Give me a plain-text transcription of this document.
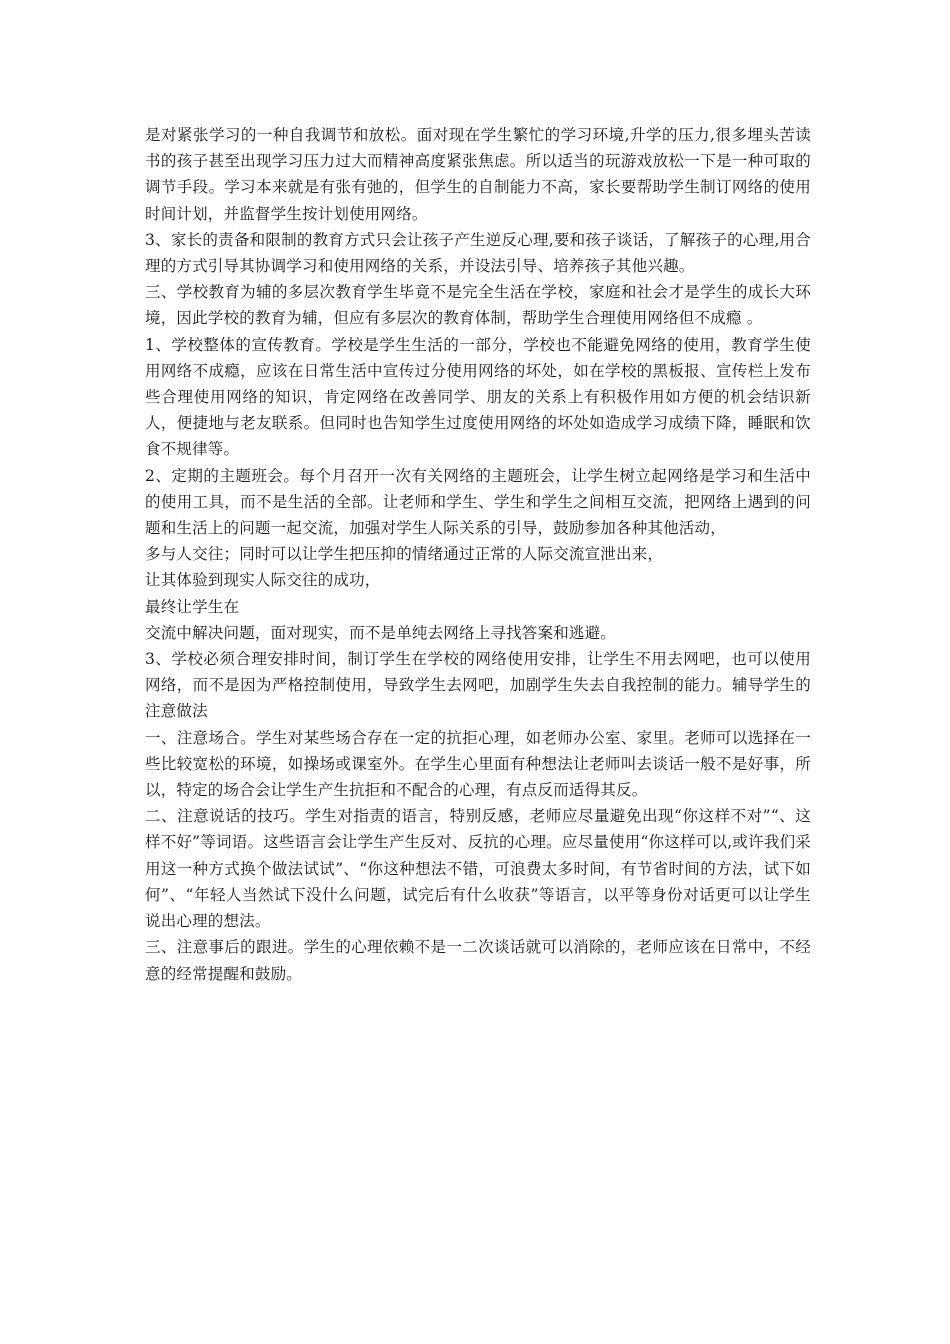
是对紧张学习的一种自我调节和放松。面对现在学生繁忙的学习环境,升学的压力,很多埋头苦读书的孩子甚至出现学习压力过大而精神高度紧张焦虑。所以适当的玩游戏放松一下是一种可取的调节手段。学习本来就是有张有弛的，但学生的自制能力不高，家长要帮助学生制订网络的使用时间计划，并监督学生按计划使用网络。

3、家长的责备和限制的教育方式只会让孩子产生逆反心理,要和孩子谈话，了解孩子的心理,用合理的方式引导其协调学习和使用网络的关系，并设法引导、培养孩子其他兴趣。

三、学校教育为辅的多层次教育学生毕竟不是完全生活在学校，家庭和社会才是学生的成长大环境，因此学校的教育为辅，但应有多层次的教育体制，帮助学生合理使用网络但不成瘾 。

1、学校整体的宣传教育。学校是学生生活的一部分，学校也不能避免网络的使用，教育学生使用网络不成瘾，应该在日常生活中宣传过分使用网络的坏处，如在学校的黑板报、宣传栏上发布些合理使用网络的知识，肯定网络在改善同学、朋友的关系上有积极作用如方便的机会结识新人，便捷地与老友联系。但同时也告知学生过度使用网络的坏处如造成学习成绩下降，睡眠和饮食不规律等。

2、定期的主题班会。每个月召开一次有关网络的主题班会，让学生树立起网络是学习和生活中的使用工具，而不是生活的全部。让老师和学生、学生和学生之间相互交流，把网络上遇到的问题和生活上的问题一起交流，加强对学生人际关系的引导，鼓励参加各种其他活动，

多与人交往；同时可以让学生把压抑的情绪通过正常的人际交流宣泄出来，

让其体验到现实人际交往的成功，

最终让学生在

交流中解决问题，面对现实，而不是单纯去网络上寻找答案和逃避。

3、学校必须合理安排时间，制订学生在学校的网络使用安排，让学生不用去网吧，也可以使用网络，而不是因为严格控制使用，导致学生去网吧，加剧学生失去自我控制的能力。辅导学生的注意做法

一、注意场合。学生对某些场合存在一定的抗拒心理，如老师办公室、家里。老师可以选择在一些比较宽松的环境，如操场或课室外。在学生心里面有种想法让老师叫去谈话一般不是好事，所以，特定的场合会让学生产生抗拒和不配合的心理，有点反而适得其反。

二、注意说话的技巧。学生对指责的语言，特别反感，老师应尽量避免出现“你这样不对”“、这样不好”等词语。这些语言会让学生产生反对、反抗的心理。应尽量使用“你这样可以,或许我们采用这一种方式换个做法试试”、“你这种想法不错，可浪费太多时间，有节省时间的方法，试下如何”、“年轻人当然试下没什么问题，试完后有什么收获”等语言，以平等身份对话更可以让学生说出心理的想法。

三、注意事后的跟进。学生的心理依赖不是一二次谈话就可以消除的，老师应该在日常中，不经意的经常提醒和鼓励。
